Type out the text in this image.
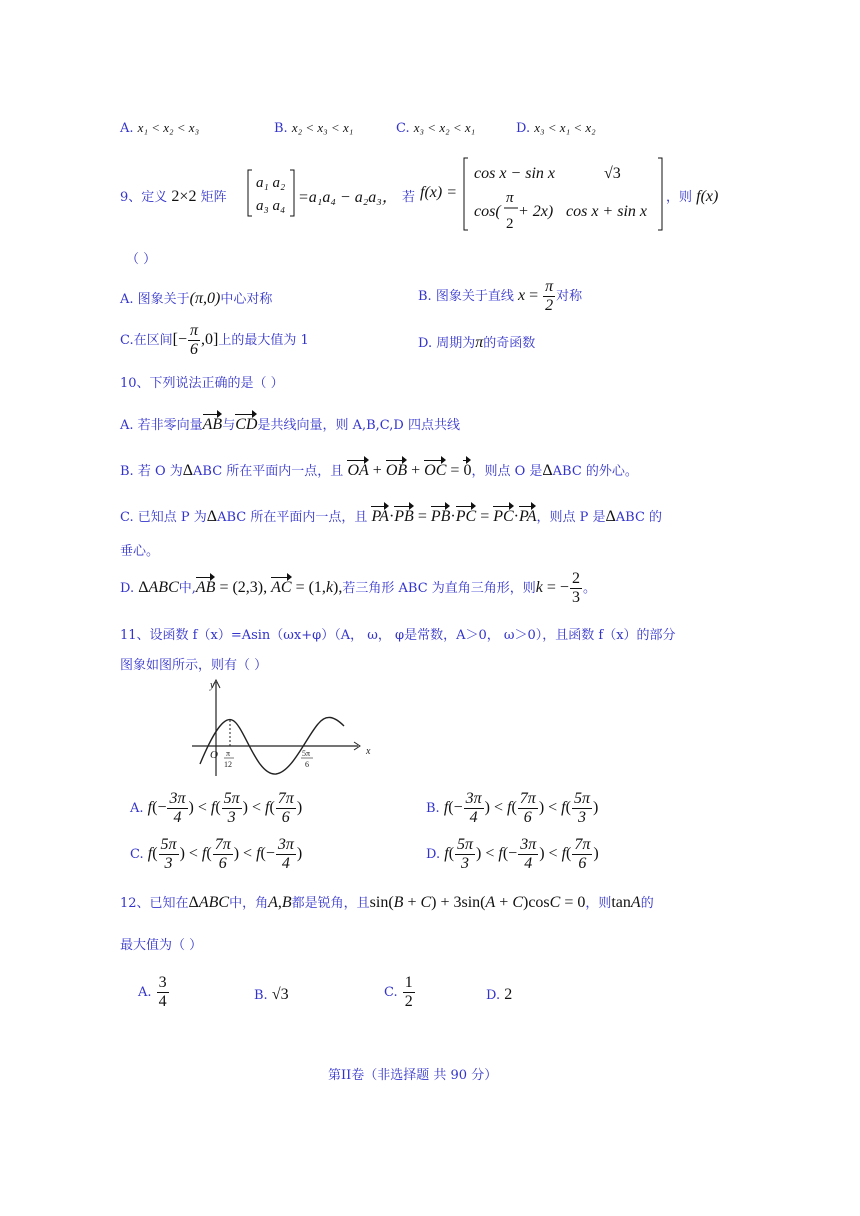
A. x₁ < x₂ < x₃	B. x₂ < x₃ < x₁	C. x₃ < x₂ < x₁	D. x₃ < x₁ < x₂
9、定义 2×2 矩阵
a₁ a₂
a₃ a₄ =a₁a₄ − a₂a₃， 若 f(x) =
cos x − sin x	√3
cos(
π
2
+ 2x) cos x + sin x
，则 f(x)
（ ）
A. 图象关于(π,0)中心对称	B. 图象关于直线 $x = \frac{\pi}{2}$ 对称
C.在区间[− $\frac{\pi}{6} ,0$]上的最大值为 1	D. 周期为π的奇函数
10、下列说法正确的是（ ）
A. 若非零向量AB与CD是共线向量，则 A,B,C,D 四点共线
B. 若 O 为ΔABC 所在平面内一点，且 OA + OB + OC = 0，则点 O 是ΔABC 的外心。
C. 已知点 P 为ΔABC 所在平面内一点，且 PA·PB = PB·PC = PC·PA，则点 P 是ΔABC 的
垂心。
D. ΔABC中,AB = (2,3), AC = (1,k),若三角形 ABC 为直角三角形，则k = − $\frac{2}{3}$ 。
11、设函数 f（x）=Asin（ωx+φ）（A， ω， φ是常数，A＞0， ω＞0），且函数 f（x）的部分
图象如图所示，则有（ ）
x
y
O π
12
5π
6
A. $f(- \frac{3\pi}{4}$ ) < $f( \frac{5\pi}{3}$ ) < $f( \frac{7\pi}{6}$ )	B. $f(- \frac{3\pi}{4}$ ) < $f( \frac{7\pi}{6}$ ) < $f( \frac{5\pi}{3}$ )
C. $f( \frac{5\pi}{3}$ ) < $f( \frac{7\pi}{6}$ ) < $f(- \frac{3\pi}{4}$ )	D. $f( \frac{5\pi}{3}$ ) < $f(- \frac{3\pi}{4}$ ) < $f( \frac{7\pi}{6}$ )
12、已知在ΔABC中，角A,B都是锐角，且sin(B + C) + 3sin(A + C)cosC = 0，则tanA的
最大值为（ ）
A. $\frac{3}{4}$	B. √3	C. $\frac{1}{2}$	D. 2
第II卷（非选择题 共 90 分）
